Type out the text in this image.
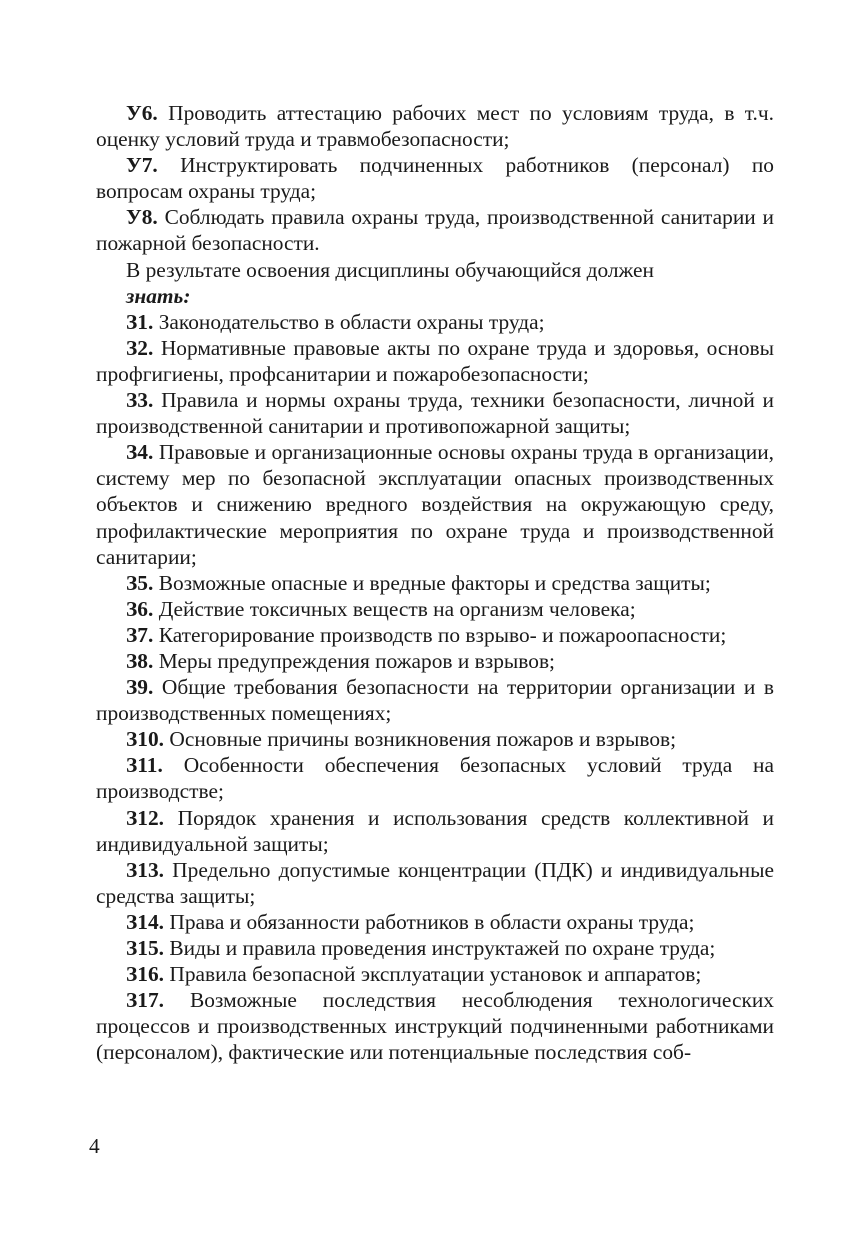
У6. Проводить аттестацию рабочих мест по условиям труда, в т.ч. оценку условий труда и травмобезопасности;

У7. Инструктировать подчиненных работников (персонал) по вопросам охраны труда;

У8. Соблюдать правила охраны труда, производственной санитарии и пожарной безопасности.

В результате освоения дисциплины обучающийся должен

знать:

З1. Законодательство в области охраны труда;

З2. Нормативные правовые акты по охране труда и здоровья, основы профгигиены, профсанитарии и пожаробезопасности;

З3. Правила и нормы охраны труда, техники безопасности, личной и производственной санитарии и противопожарной защиты;

З4. Правовые и организационные основы охраны труда в организации, систему мер по безопасной эксплуатации опасных производственных объектов и снижению вредного воздействия на окружающую среду, профилактические мероприятия по охране труда и производственной санитарии;

З5. Возможные опасные и вредные факторы и средства защиты;

З6. Действие токсичных веществ на организм человека;

З7. Категорирование производств по взрыво- и пожароопасности;

З8. Меры предупреждения пожаров и взрывов;

З9. Общие требования безопасности на территории организации и в производственных помещениях;

З10. Основные причины возникновения пожаров и взрывов;

З11. Особенности обеспечения безопасных условий труда на производстве;

З12. Порядок хранения и использования средств коллективной и индивидуальной защиты;

З13. Предельно допустимые концентрации (ПДК) и индивидуальные средства защиты;

З14. Права и обязанности работников в области охраны труда;

З15. Виды и правила проведения инструктажей по охране труда;

З16. Правила безопасной эксплуатации установок и аппаратов;

З17. Возможные последствия несоблюдения технологических процессов и производственных инструкций подчиненными работниками (персоналом), фактические или потенциальные последствия соб-

4
